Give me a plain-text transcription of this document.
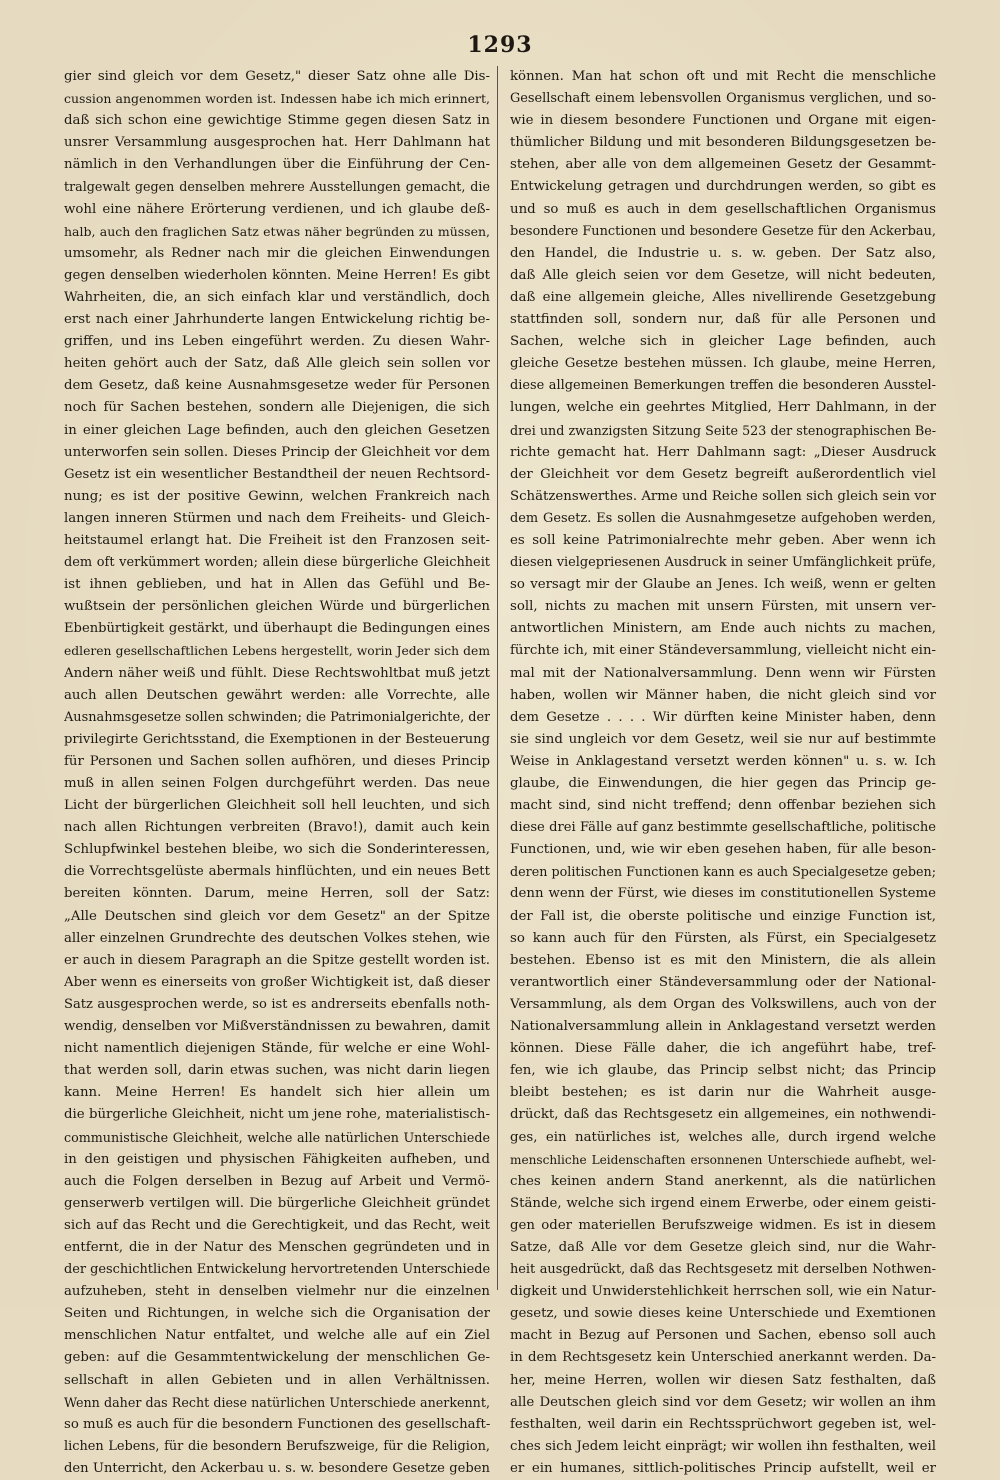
1293
gier sind gleich vor dem Gesetz," dieser Satz ohne alle Dis-
cussion angenommen worden ist. Indessen habe ich mich erinnert,
daß sich schon eine gewichtige Stimme gegen diesen Satz in
unsrer Versammlung ausgesprochen hat. Herr Dahlmann hat
nämlich in den Verhandlungen über die Einführung der Cen-
tralgewalt gegen denselben mehrere Ausstellungen gemacht, die
wohl eine nähere Erörterung verdienen, und ich glaube deß-
halb, auch den fraglichen Satz etwas näher begründen zu müssen,
umsomehr, als Redner nach mir die gleichen Einwendungen
gegen denselben wiederholen könnten. Meine Herren! Es gibt
Wahrheiten, die, an sich einfach klar und verständlich, doch
erst nach einer Jahrhunderte langen Entwickelung richtig be-
griffen, und ins Leben eingeführt werden. Zu diesen Wahr-
heiten gehört auch der Satz, daß Alle gleich sein sollen vor
dem Gesetz, daß keine Ausnahmsgesetze weder für Personen
noch für Sachen bestehen, sondern alle Diejenigen, die sich
in einer gleichen Lage befinden, auch den gleichen Gesetzen
unterworfen sein sollen. Dieses Princip der Gleichheit vor dem
Gesetz ist ein wesentlicher Bestandtheil der neuen Rechtsord-
nung; es ist der positive Gewinn, welchen Frankreich nach
langen inneren Stürmen und nach dem Freiheits- und Gleich-
heitstaumel erlangt hat. Die Freiheit ist den Franzosen seit-
dem oft verkümmert worden; allein diese bürgerliche Gleichheit
ist ihnen geblieben, und hat in Allen das Gefühl und Be-
wußtsein der persönlichen gleichen Würde und bürgerlichen
Ebenbürtigkeit gestärkt, und überhaupt die Bedingungen eines
edleren gesellschaftlichen Lebens hergestellt, worin Jeder sich dem
Andern näher weiß und fühlt. Diese Rechtswohltbat muß jetzt
auch allen Deutschen gewährt werden: alle Vorrechte, alle
Ausnahmsgesetze sollen schwinden; die Patrimonialgerichte, der
privilegirte Gerichtsstand, die Exemptionen in der Besteuerung
für Personen und Sachen sollen aufhören, und dieses Princip
muß in allen seinen Folgen durchgeführt werden. Das neue
Licht der bürgerlichen Gleichheit soll hell leuchten, und sich
nach allen Richtungen verbreiten (Bravo!), damit auch kein
Schlupfwinkel bestehen bleibe, wo sich die Sonderinteressen,
die Vorrechtsgelüste abermals hinflüchten, und ein neues Bett
bereiten könnten. Darum, meine Herren, soll der Satz:
„Alle Deutschen sind gleich vor dem Gesetz" an der Spitze
aller einzelnen Grundrechte des deutschen Volkes stehen, wie
er auch in diesem Paragraph an die Spitze gestellt worden ist.
Aber wenn es einerseits von großer Wichtigkeit ist, daß dieser
Satz ausgesprochen werde, so ist es andrerseits ebenfalls noth-
wendig, denselben vor Mißverständnissen zu bewahren, damit
nicht namentlich diejenigen Stände, für welche er eine Wohl-
that werden soll, darin etwas suchen, was nicht darin liegen
kann. Meine Herren! Es handelt sich hier allein um
die bürgerliche Gleichheit, nicht um jene rohe, materialistisch-
communistische Gleichheit, welche alle natürlichen Unterschiede
in den geistigen und physischen Fähigkeiten aufheben, und
auch die Folgen derselben in Bezug auf Arbeit und Vermö-
genserwerb vertilgen will. Die bürgerliche Gleichheit gründet
sich auf das Recht und die Gerechtigkeit, und das Recht, weit
entfernt, die in der Natur des Menschen gegründeten und in
der geschichtlichen Entwickelung hervortretenden Unterschiede
aufzuheben, steht in denselben vielmehr nur die einzelnen
Seiten und Richtungen, in welche sich die Organisation der
menschlichen Natur entfaltet, und welche alle auf ein Ziel
geben: auf die Gesammtentwickelung der menschlichen Ge-
sellschaft in allen Gebieten und in allen Verhältnissen.
Wenn daher das Recht diese natürlichen Unterschiede anerkennt,
so muß es auch für die besondern Functionen des gesellschaft-
lichen Lebens, für die besondern Berufszweige, für die Religion,
den Unterricht, den Ackerbau u. s. w. besondere Gesetze geben
können. Man hat schon oft und mit Recht die menschliche
Gesellschaft einem lebensvollen Organismus verglichen, und so-
wie in diesem besondere Functionen und Organe mit eigen-
thümlicher Bildung und mit besonderen Bildungsgesetzen be-
stehen, aber alle von dem allgemeinen Gesetz der Gesammt-
Entwickelung getragen und durchdrungen werden, so gibt es
und so muß es auch in dem gesellschaftlichen Organismus
besondere Functionen und besondere Gesetze für den Ackerbau,
den Handel, die Industrie u. s. w. geben. Der Satz also,
daß Alle gleich seien vor dem Gesetze, will nicht bedeuten,
daß eine allgemein gleiche, Alles nivellirende Gesetzgebung
stattfinden soll, sondern nur, daß für alle Personen und
Sachen, welche sich in gleicher Lage befinden, auch
gleiche Gesetze bestehen müssen. Ich glaube, meine Herren,
diese allgemeinen Bemerkungen treffen die besonderen Ausstel-
lungen, welche ein geehrtes Mitglied, Herr Dahlmann, in der
drei und zwanzigsten Sitzung Seite 523 der stenographischen Be-
richte gemacht hat. Herr Dahlmann sagt: „Dieser Ausdruck
der Gleichheit vor dem Gesetz begreift außerordentlich viel
Schätzenswerthes. Arme und Reiche sollen sich gleich sein vor
dem Gesetz. Es sollen die Ausnahmgesetze aufgehoben werden,
es soll keine Patrimonialrechte mehr geben. Aber wenn ich
diesen vielgepriesenen Ausdruck in seiner Umfänglichkeit prüfe,
so versagt mir der Glaube an Jenes. Ich weiß, wenn er gelten
soll, nichts zu machen mit unsern Fürsten, mit unsern ver-
antwortlichen Ministern, am Ende auch nichts zu machen,
fürchte ich, mit einer Ständeversammlung, vielleicht nicht ein-
mal mit der Nationalversammlung. Denn wenn wir Fürsten
haben, wollen wir Männer haben, die nicht gleich sind vor
dem Gesetze . . . . Wir dürften keine Minister haben, denn
sie sind ungleich vor dem Gesetz, weil sie nur auf bestimmte
Weise in Anklagestand versetzt werden können" u. s. w. Ich
glaube, die Einwendungen, die hier gegen das Princip ge-
macht sind, sind nicht treffend; denn offenbar beziehen sich
diese drei Fälle auf ganz bestimmte gesellschaftliche, politische
Functionen, und, wie wir eben gesehen haben, für alle beson-
deren politischen Functionen kann es auch Specialgesetze geben;
denn wenn der Fürst, wie dieses im constitutionellen Systeme
der Fall ist, die oberste politische und einzige Function ist,
so kann auch für den Fürsten, als Fürst, ein Specialgesetz
bestehen. Ebenso ist es mit den Ministern, die als allein
verantwortlich einer Ständeversammlung oder der National-
Versammlung, als dem Organ des Volkswillens, auch von der
Nationalversammlung allein in Anklagestand versetzt werden
können. Diese Fälle daher, die ich angeführt habe, tref-
fen, wie ich glaube, das Princip selbst nicht; das Princip
bleibt bestehen; es ist darin nur die Wahrheit ausge-
drückt, daß das Rechtsgesetz ein allgemeines, ein nothwendi-
ges, ein natürliches ist, welches alle, durch irgend welche
menschliche Leidenschaften ersonnenen Unterschiede aufhebt, wel-
ches keinen andern Stand anerkennt, als die natürlichen
Stände, welche sich irgend einem Erwerbe, oder einem geisti-
gen oder materiellen Berufszweige widmen. Es ist in diesem
Satze, daß Alle vor dem Gesetze gleich sind, nur die Wahr-
heit ausgedrückt, daß das Rechtsgesetz mit derselben Nothwen-
digkeit und Unwiderstehlichkeit herrschen soll, wie ein Natur-
gesetz, und sowie dieses keine Unterschiede und Exemtionen
macht in Bezug auf Personen und Sachen, ebenso soll auch
in dem Rechtsgesetz kein Unterschied anerkannt werden. Da-
her, meine Herren, wollen wir diesen Satz festhalten, daß
alle Deutschen gleich sind vor dem Gesetz; wir wollen an ihm
festhalten, weil darin ein Rechtssprüchwort gegeben ist, wel-
ches sich Jedem leicht einprägt; wir wollen ihn festhalten, weil
er ein humanes, sittlich-politisches Princip aufstellt, weil er
